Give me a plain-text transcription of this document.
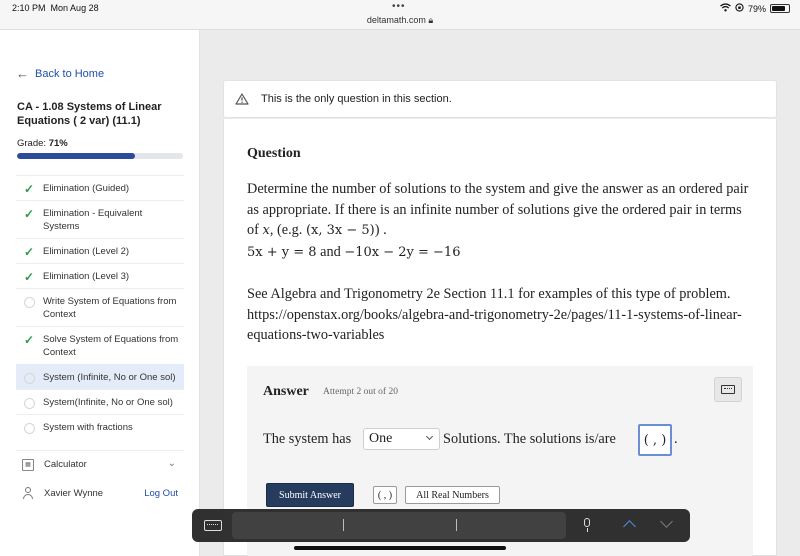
2:10 PM Mon Aug 28	•••
deltamath.com 🔒︎
79%
← Back to Home
CA - 1.08 Systems of Linear Equations ( 2 var) (11.1)
Grade: 71%
✓ Elimination (Guided)
✓ Elimination - Equivalent Systems
✓ Elimination (Level 2)
✓ Elimination (Level 3)
Write System of Equations from Context
✓ Solve System of Equations from Context
System (Infinite, No or One sol)
System(Infinite, No or One sol)
System with fractions
▦	Calculator	⌄
Xavier Wynne	Log Out
This is the only question in this section.
Question
Determine the number of solutions to the system and give the answer as an ordered pair as appropriate. If there is an infinite number of solutions give the ordered pair in terms of x, (e.g. (x, 3x − 5)) .
5x + y = 8 and −10x − 2y = −16
See Algebra and Trigonometry 2e Section 11.1 for examples of this type of problem. https://openstax.org/books/algebra-and-trigonometry-2e/pages/11-1-systems-of-linear-equations-two-variables
Answer Attempt 2 out of 20
The system has	One	Solutions. The solutions is/are	( , ) .
Submit Answer	( , )	All Real Numbers
